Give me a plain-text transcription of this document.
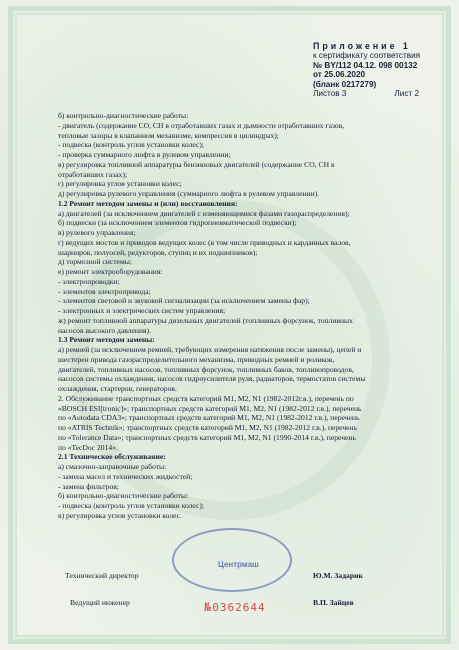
Приложение 1
к сертификату соответствия
№ BY/112 04.12. 098 00132
от 25.06.2020
(бланк 0217279)
Листов 3	Лист 2

б) контрольно-диагностические работы:

- двигатель (содержание СО, СН в отработавших газах и дымности отработавших газов,

тепловые зазоры в клапанном механизме, компрессия в цилиндрах);

- подвеска (контроль углов установки колес);

- проверка суммарного люфта в рулевом управлении;

в) регулировка топливной аппаратуры бензиновых двигателей (содержание СО, СН в

отработавших газах);

г) регулировка углов установки колес;

д) регулировка рулевого управления (суммарного люфта в рулевом управлении).

1.2 Ремонт методом замены и (или) восстановления:

а) двигателей (за исключением двигателей с изменяющимися фазами газораспределения);

б) подвески (за исключением элементов гидропневматической подвески);

в) рулевого управления;

г) ведущих мостов и приводов ведущих колес (в том числе приводных и карданных валов,

шарниров, полуосей, редукторов, ступиц и их подшипников);

д) тормозной системы;

е) ремонт электрооборудования:

- электропроводки;

- элементов электропривода;

- элементов световой и звуковой сигнализации (за исключением замены фар);

- электронных и электрических систем управления;

ж) ремонт топливной аппаратуры дизельных двигателей (топливных форсунок, топливных

насосов высокого давления).

1.3 Ремонт методом замены:

а) ремней (за исключением ремней, требующих измерения натяжения после замены), цепей и

шестерен привода газораспределительного механизма, приводных ремней и роликов,

двигателей, топливных насосов, топливных форсунок, топливных баков, топливопроводов,

насосов системы охлаждения, насосов гидроусилителя руля, радиаторов, термостатов системы

охлаждения, стартеров, генераторов.

2. Обслуживание транспортных средств категорий М1, М2, N1 (1982-2012г.в.), перечень по

«BOSCH ESI[tronic]»; транспортных средств категорий М1, М2, N1 (1982-2012 г.в.), перечень

по «Autodata CDA3»; транспортных средств категорий М1, М2, N1 (1982-2012 г.в.), перечень

по «ATRIS Technik»; транспортных средств категорий М1, М2, N1 (1982-2012 г.в.), перечень

по «Tolerance Data»; транспортных средств категорий М1, М2, N1 (1990-2014 г.в.), перечень

по «TecDoc 2014».

2.1 Техническое обслуживание:

а) смазочно-заправочные работы:

- замена масел и технических жидкостей;

- замена фильтров;

б) контрольно-диагностические работы:

- подвеска (контроль углов установки колес);

в) регулировка углов установки колес.

Технический директор	Ю.М. Задарик
Ведущий инженер	В.П. Зайцев
Центрмаш
№0362644
